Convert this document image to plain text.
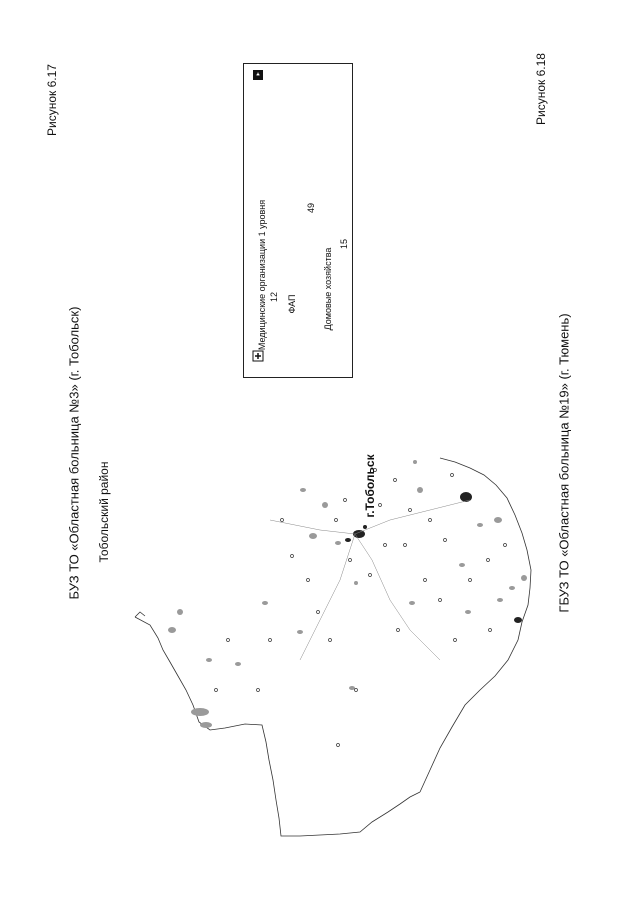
Рисунок 6.17	Рисунок 6.18
БУЗ ТО «Областная больница №3» (г. Тобольск)	ГБУЗ ТО «Областная больница №19» (г. Тюмень)
Тобольский район	г.Тобольск
Медицинские организации 1 уровня 12 ФАП
49
Домовые хозяйства
15
